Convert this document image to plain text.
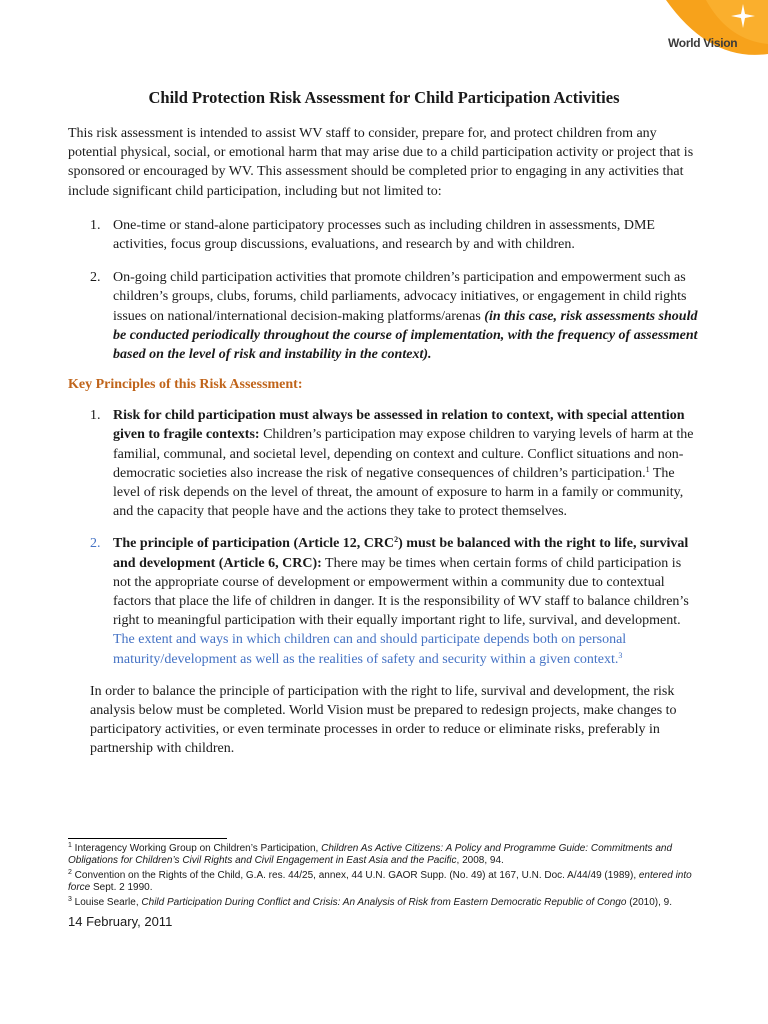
World Vision
Child Protection Risk Assessment for Child Participation Activities

This risk assessment is intended to assist WV staff to consider, prepare for, and protect children from any potential physical, social, or emotional harm that may arise due to a child participation activity or project that is sponsored or encouraged by WV. This assessment should be completed prior to engaging in any activities that include significant child participation, including but not limited to:

1. One-time or stand-alone participatory processes such as including children in assessments, DME activities, focus group discussions, evaluations, and research by and with children.
2. On-going child participation activities that promote children’s participation and empowerment such as children’s groups, clubs, forums, child parliaments, advocacy initiatives, or engagement in child rights issues on national/international decision-making platforms/arenas (in this case, risk assessments should be conducted periodically throughout the course of implementation, with the frequency of assessment based on the level of risk and instability in the context).

Key Principles of this Risk Assessment:

1. Risk for child participation must always be assessed in relation to context, with special attention given to fragile contexts: Children’s participation may expose children to varying levels of harm at the familial, communal, and societal level, depending on context and culture. Conflict situations and non-democratic societies also increase the risk of negative consequences of children’s participation.$^1$ The level of risk depends on the level of threat, the amount of exposure to harm in a family or community, and the capacity that people have and the actions they take to protect themselves.
2. The principle of participation (Article 12, CRC$^2$) must be balanced with the right to life, survival and development (Article 6, CRC): There may be times when certain forms of child participation is not the appropriate course of development or empowerment within a community due to contextual factors that place the life of children in danger. It is the responsibility of WV staff to balance children’s right to meaningful participation with their equally important right to life, survival, and development. The extent and ways in which children can and should participate depends both on personal maturity/development as well as the realities of safety and security within a given context.$^3$

In order to balance the principle of participation with the right to life, survival and development, the risk analysis below must be completed. World Vision must be prepared to redesign projects, make changes to participatory activities, or even terminate processes in order to reduce or eliminate risks, preferably in partnership with children.

$^1$ Interagency Working Group on Children’s Participation, Children As Active Citizens: A Policy and Programme Guide: Commitments and Obligations for Children’s Civil Rights and Civil Engagement in East Asia and the Pacific, 2008, 94.

$^2$ Convention on the Rights of the Child, G.A. res. 44/25, annex, 44 U.N. GAOR Supp. (No. 49) at 167, U.N. Doc. A/44/49 (1989), entered into force Sept. 2 1990.

$^3$ Louise Searle, Child Participation During Conflict and Crisis: An Analysis of Risk from Eastern Democratic Republic of Congo (2010), 9.

14 February, 2011
